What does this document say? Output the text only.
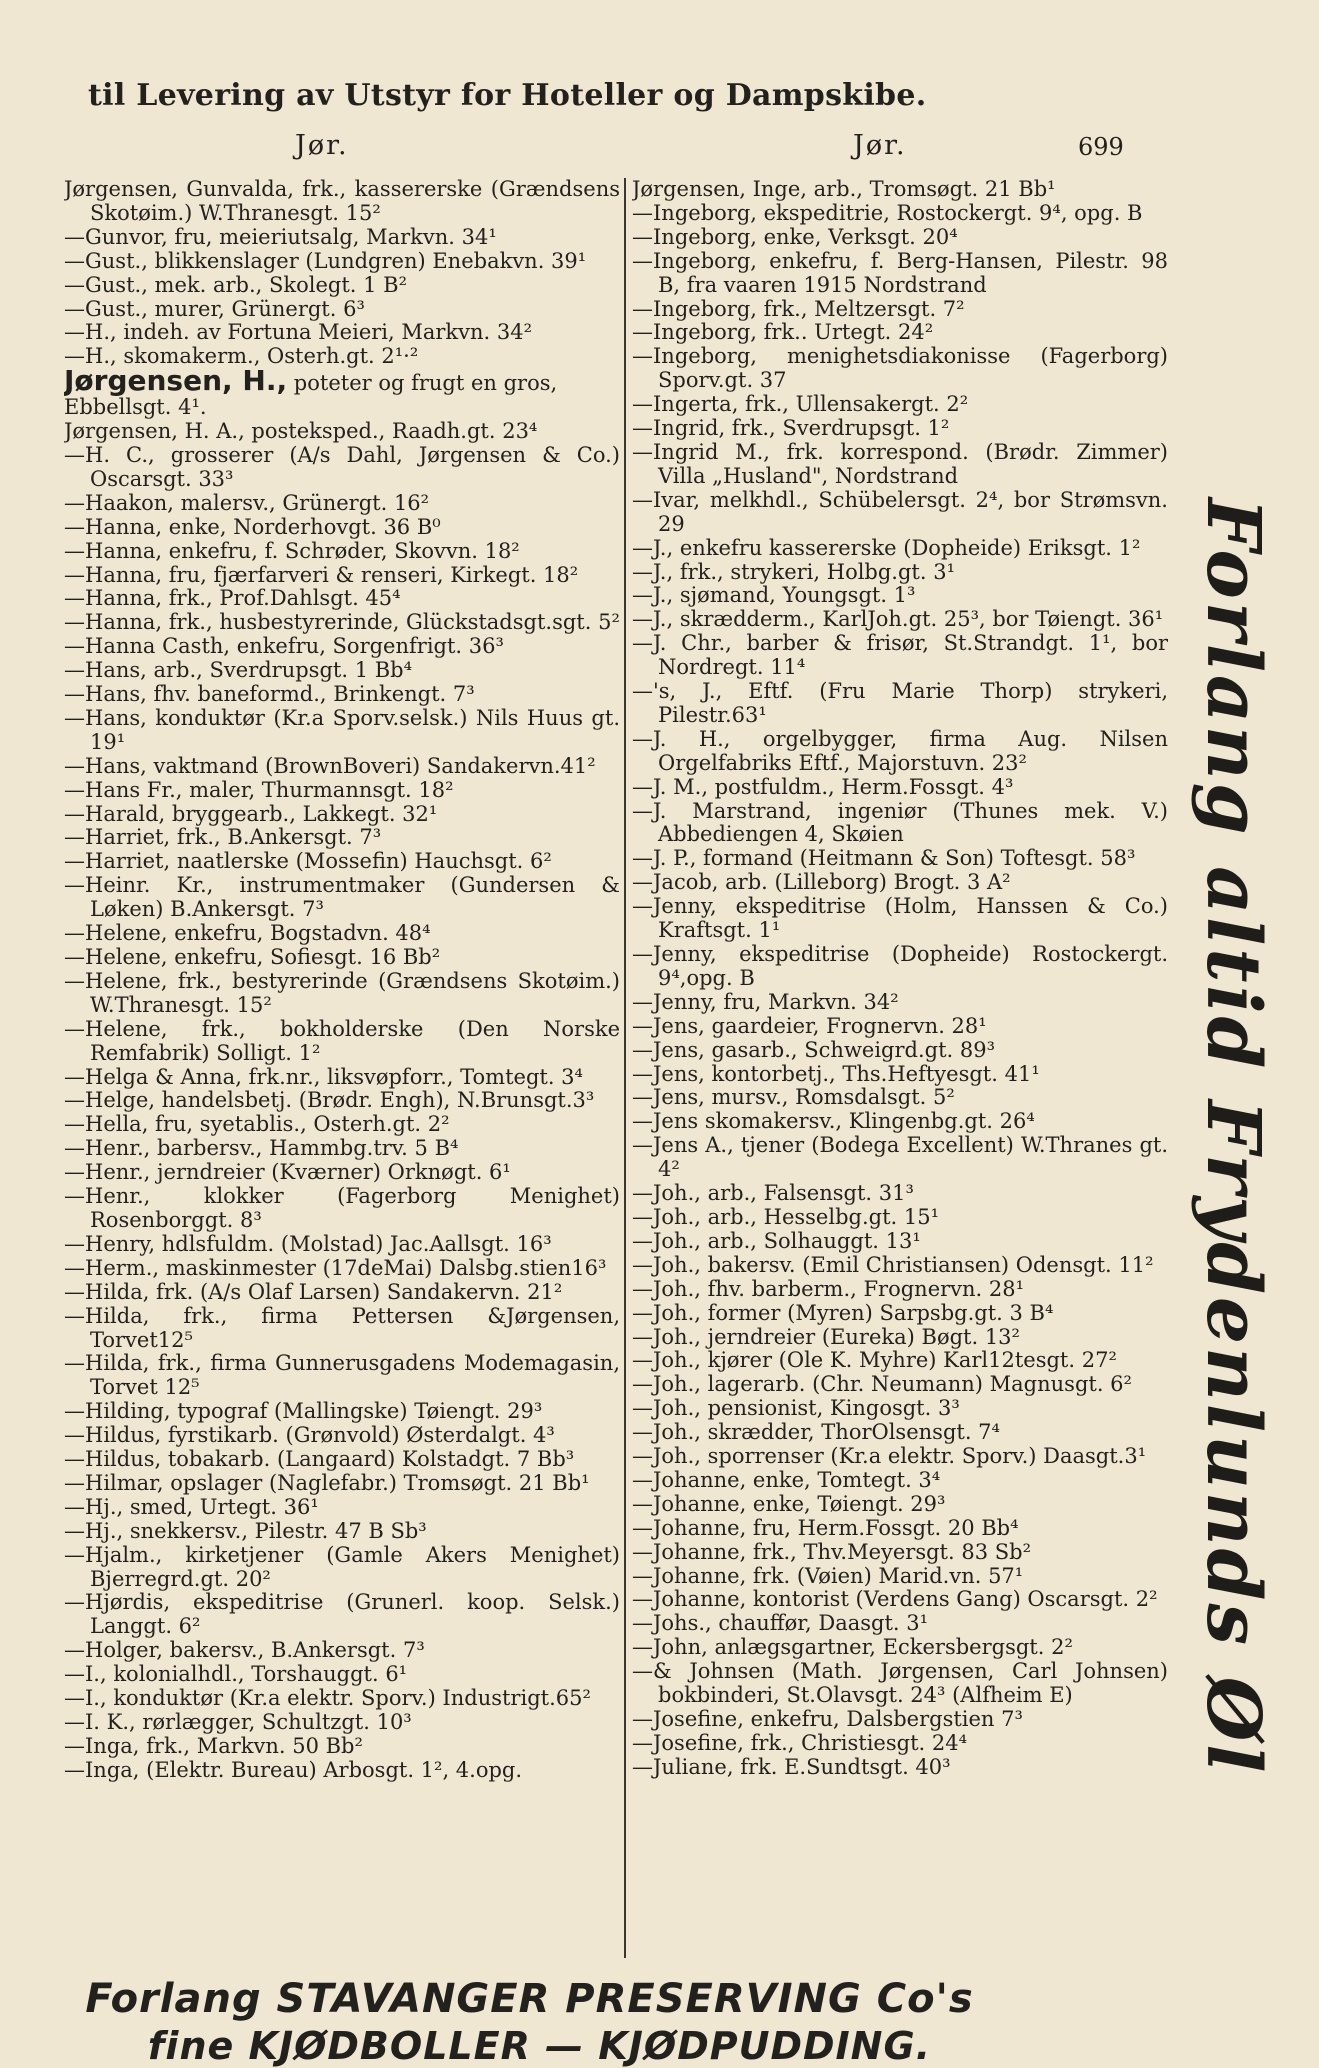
til Levering av Utstyr for Hoteller og Dampskibe.
Jør.	Jør.	699
Jørgensen, Gunvalda, frk., kassererske (Grændsens Skotøim.) W.Thranesgt. 15²
—Gunvor, fru, meieriutsalg, Markvn. 34¹
—Gust., blikkenslager (Lundgren) Enebakvn. 39¹
—Gust., mek. arb., Skolegt. 1 B²
—Gust., murer, Grünergt. 6³
—H., indeh. av Fortuna Meieri, Markvn. 34²
—H., skomakerm., Osterh.gt. 2¹·²
Jørgensen, H., poteter og frugt en gros,
Ebbellsgt. 4¹.
Jørgensen, H. A., posteksped., Raadh.gt. 23⁴
—H. C., grosserer (A/s Dahl, Jørgensen & Co.) Oscarsgt. 33³
—Haakon, malersv., Grünergt. 16²
—Hanna, enke, Norderhovgt. 36 B⁰
—Hanna, enkefru, f. Schrøder, Skovvn. 18²
—Hanna, fru, fjærfarveri & renseri, Kirkegt. 18²
—Hanna, frk., Prof.Dahlsgt. 45⁴
—Hanna, frk., husbestyrerinde, Glückstadsgt.sgt. 5²
—Hanna Casth, enkefru, Sorgenfrigt. 36³
—Hans, arb., Sverdrupsgt. 1 Bb⁴
—Hans, fhv. baneformd., Brinkengt. 7³
—Hans, konduktør (Kr.a Sporv.selsk.) Nils Huus gt. 19¹
—Hans, vaktmand (BrownBoveri) Sandakervn.41²
—Hans Fr., maler, Thurmannsgt. 18²
—Harald, bryggearb., Lakkegt. 32¹
—Harriet, frk., B.Ankersgt. 7³
—Harriet, naatlerske (Mossefin) Hauchsgt. 6²
—Heinr. Kr., instrumentmaker (Gundersen & Løken) B.Ankersgt. 7³
—Helene, enkefru, Bogstadvn. 48⁴
—Helene, enkefru, Sofiesgt. 16 Bb²
—Helene, frk., bestyrerinde (Grændsens Skotøim.) W.Thranesgt. 15²
—Helene, frk., bokholderske (Den Norske Remfabrik) Solligt. 1²
—Helga & Anna, frk.nr., liksvøpforr., Tomtegt. 3⁴
—Helge, handelsbetj. (Brødr. Engh), N.Brunsgt.3³
—Hella, fru, syetablis., Osterh.gt. 2²
—Henr., barbersv., Hammbg.trv. 5 B⁴
—Henr., jerndreier (Kværner) Orknøgt. 6¹
—Henr., klokker (Fagerborg Menighet) Rosenborggt. 8³
—Henry, hdlsfuldm. (Molstad) Jac.Aallsgt. 16³
—Herm., maskinmester (17deMai) Dalsbg.stien16³
—Hilda, frk. (A/s Olaf Larsen) Sandakervn. 21²
—Hilda, frk., firma Pettersen &Jørgensen, Torvet12⁵
—Hilda, frk., firma Gunnerusgadens Modemagasin, Torvet 12⁵
—Hilding, typograf (Mallingske) Tøiengt. 29³
—Hildus, fyrstikarb. (Grønvold) Østerdalgt. 4³
—Hildus, tobakarb. (Langaard) Kolstadgt. 7 Bb³
—Hilmar, opslager (Naglefabr.) Tromsøgt. 21 Bb¹
—Hj., smed, Urtegt. 36¹
—Hj., snekkersv., Pilestr. 47 B Sb³
—Hjalm., kirketjener (Gamle Akers Menighet) Bjerregrd.gt. 20²
—Hjørdis, ekspeditrise (Grunerl. koop. Selsk.) Langgt. 6²
—Holger, bakersv., B.Ankersgt. 7³
—I., kolonialhdl., Torshauggt. 6¹
—I., konduktør (Kr.a elektr. Sporv.) Industrigt.65²
—I. K., rørlægger, Schultzgt. 10³
—Inga, frk., Markvn. 50 Bb²
—Inga, (Elektr. Bureau) Arbosgt. 1², 4.opg.
Jørgensen, Inge, arb., Tromsøgt. 21 Bb¹
—Ingeborg, ekspeditrie, Rostockergt. 9⁴, opg. B
—Ingeborg, enke, Verksgt. 20⁴
—Ingeborg, enkefru, f. Berg-Hansen, Pilestr. 98 B, fra vaaren 1915 Nordstrand
—Ingeborg, frk., Meltzersgt. 7²
—Ingeborg, frk.. Urtegt. 24²
—Ingeborg, menighetsdiakonisse (Fagerborg) Sporv.gt. 37
—Ingerta, frk., Ullensakergt. 2²
—Ingrid, frk., Sverdrupsgt. 1²
—Ingrid M., frk. korrespond. (Brødr. Zimmer) Villa „Husland", Nordstrand
—Ivar, melkhdl., Schübelersgt. 2⁴, bor Strømsvn. 29
—J., enkefru kassererske (Dopheide) Eriksgt. 1²
—J., frk., strykeri, Holbg.gt. 3¹
—J., sjømand, Youngsgt. 1³
—J., skrædderm., KarlJoh.gt. 25³, bor Tøiengt. 36¹
—J. Chr., barber & frisør, St.Strandgt. 1¹, bor Nordregt. 11⁴
—'s, J., Eftf. (Fru Marie Thorp) strykeri, Pilestr.63¹
—J. H., orgelbygger, firma Aug. Nilsen Orgelfabriks Eftf., Majorstuvn. 23²
—J. M., postfuldm., Herm.Fossgt. 4³
—J. Marstrand, ingeniør (Thunes mek. V.) Abbediengen 4, Skøien
—J. P., formand (Heitmann & Son) Toftesgt. 58³
—Jacob, arb. (Lilleborg) Brogt. 3 A²
—Jenny, ekspeditrise (Holm, Hanssen & Co.) Kraftsgt. 1¹
—Jenny, ekspeditrise (Dopheide) Rostockergt. 9⁴,opg. B
—Jenny, fru, Markvn. 34²
—Jens, gaardeier, Frognervn. 28¹
—Jens, gasarb., Schweigrd.gt. 89³
—Jens, kontorbetj., Ths.Heftyesgt. 41¹
—Jens, mursv., Romsdalsgt. 5²
—Jens skomakersv., Klingenbg.gt. 26⁴
—Jens A., tjener (Bodega Excellent) W.Thranes gt. 4²
—Joh., arb., Falsensgt. 31³
—Joh., arb., Hesselbg.gt. 15¹
—Joh., arb., Solhauggt. 13¹
—Joh., bakersv. (Emil Christiansen) Odensgt. 11²
—Joh., fhv. barberm., Frognervn. 28¹
—Joh., former (Myren) Sarpsbg.gt. 3 B⁴
—Joh., jerndreier (Eureka) Bøgt. 13²
—Joh., kjører (Ole K. Myhre) Karl12tesgt. 27²
—Joh., lagerarb. (Chr. Neumann) Magnusgt. 6²
—Joh., pensionist, Kingosgt. 3³
—Joh., skrædder, ThorOlsensgt. 7⁴
—Joh., sporrenser (Kr.a elektr. Sporv.) Daasgt.3¹
—Johanne, enke, Tomtegt. 3⁴
—Johanne, enke, Tøiengt. 29³
—Johanne, fru, Herm.Fossgt. 20 Bb⁴
—Johanne, frk., Thv.Meyersgt. 83 Sb²
—Johanne, frk. (Vøien) Marid.vn. 57¹
—Johanne, kontorist (Verdens Gang) Oscarsgt. 2²
—Johs., chauffør, Daasgt. 3¹
—John, anlægsgartner, Eckersbergsgt. 2²
—& Johnsen (Math. Jørgensen, Carl Johnsen) bokbinderi, St.Olavsgt. 24³ (Alfheim E)
—Josefine, enkefru, Dalsbergstien 7³
—Josefine, frk., Christiesgt. 24⁴
—Juliane, frk. E.Sundtsgt. 40³	Forlang altid Frydenlunds Øl
Forlang STAVANGER PRESERVING Co's
fine KJØDBOLLER — KJØDPUDDING.
